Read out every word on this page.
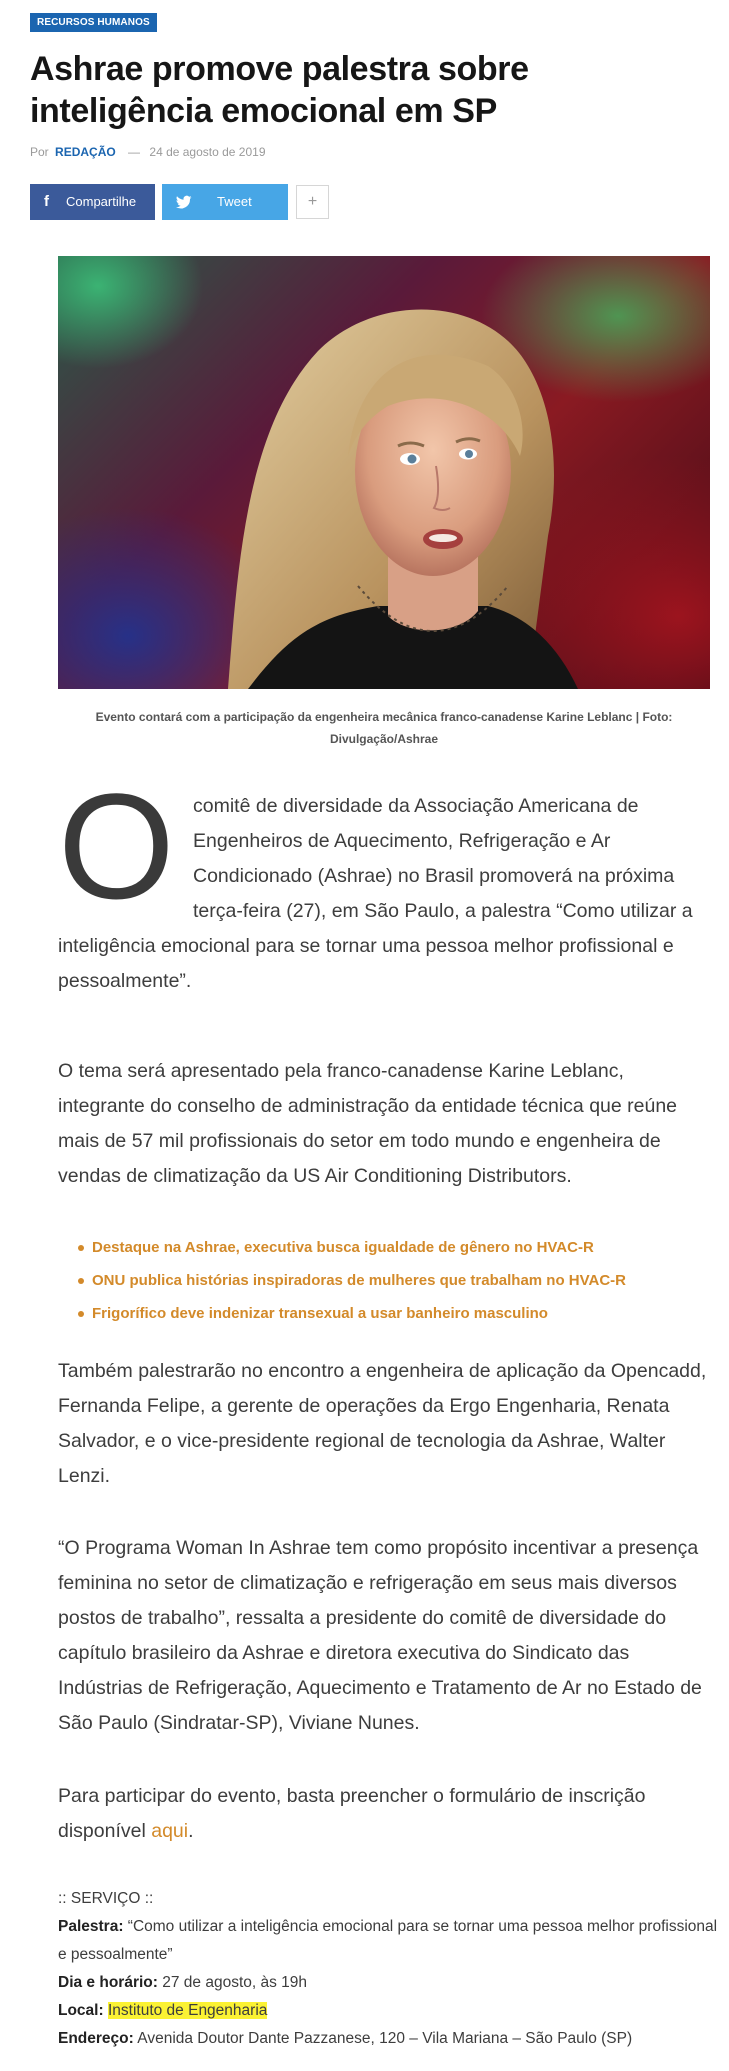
RECURSOS HUMANOS
Ashrae promove palestra sobre inteligência emocional em SP
Por REDAÇÃO — 24 de agosto de 2019
f Compartilhe	Tweet	+
Evento contará com a participação da engenheira mecânica franco-canadense Karine Leblanc | Foto: Divulgação/Ashrae
O comitê de diversidade da Associação Americana de
Engenheiros de Aquecimento, Refrigeração e Ar
Condicionado (Ashrae) no Brasil promoverá na próxima
terça-feira (27), em São Paulo, a palestra “Como utilizar a
inteligência emocional para se tornar uma pessoa melhor profissional e pessoalmente”.

O tema será apresentado pela franco-canadense Karine Leblanc, integrante do conselho de administração da entidade técnica que reúne mais de 57 mil profissionais do setor em todo mundo e engenheira de vendas de climatização da US Air Conditioning Distributors.

Destaque na Ashrae, executiva busca igualdade de gênero no HVAC-R
ONU publica histórias inspiradoras de mulheres que trabalham no HVAC-R
Frigorífico deve indenizar transexual a usar banheiro masculino

Também palestrarão no encontro a engenheira de aplicação da Opencadd, Fernanda Felipe, a gerente de operações da Ergo Engenharia, Renata Salvador, e o vice-presidente regional de tecnologia da Ashrae, Walter Lenzi.

“O Programa Woman In Ashrae tem como propósito incentivar a presença feminina no setor de climatização e refrigeração em seus mais diversos postos de trabalho”, ressalta a presidente do comitê de diversidade do capítulo brasileiro da Ashrae e diretora executiva do Sindicato das Indústrias de Refrigeração, Aquecimento e Tratamento de Ar no Estado de São Paulo (Sindratar-SP), Viviane Nunes.

Para participar do evento, basta preencher o formulário de inscrição disponível aqui.

:: SERVIÇO ::
Palestra: “Como utilizar a inteligência emocional para se tornar uma pessoa melhor profissional e pessoalmente”
Dia e horário: 27 de agosto, às 19h
Local: Instituto de Engenharia
Endereço: Avenida Doutor Dante Pazzanese, 120 – Vila Mariana – São Paulo (SP)
